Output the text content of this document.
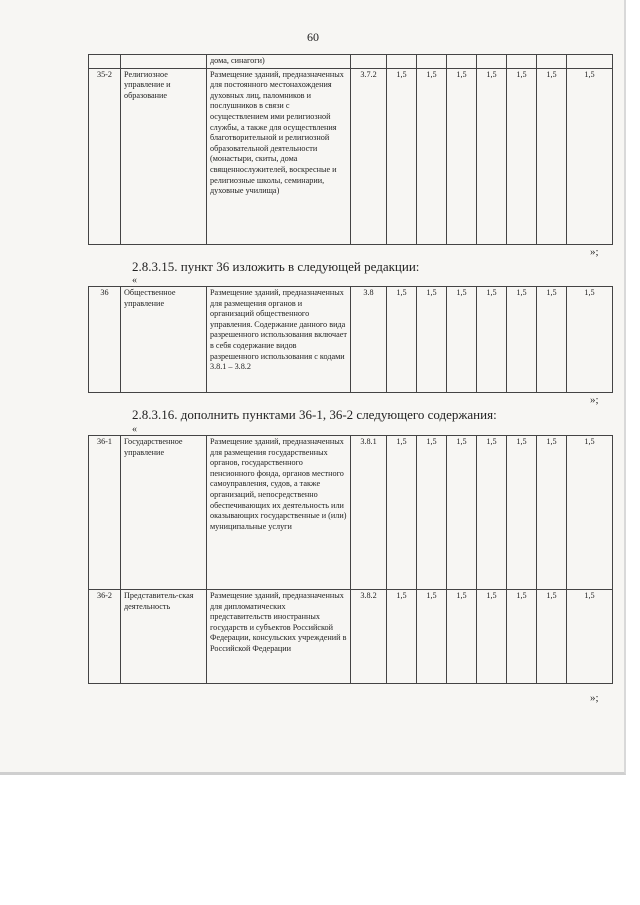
60
		дома, синагоги)								
35-2	Религиозное управление и образование	Размещение зданий, предназначенных для постоянного местонахождения духовных лиц, паломников и послушников в связи с осуществлением ими религиозной службы, а также для осуществления благотворительной и религиозной образовательной деятельности (монастыри, скиты, дома священнослужителей, воскресные и религиозные школы, семинарии, духовные училища)	3.7.2	1,5	1,5	1,5	1,5	1,5	1,5	1,5
»;
2.8.3.15. пункт 36 изложить в следующей редакции:
«
36	Общественное управление	Размещение зданий, предназначенных для размещения органов и организаций общественного управления. Содержание данного вида разрешенного использования включает в себя содержание видов разрешенного использования с кодами 3.8.1 – 3.8.2	3.8	1,5	1,5	1,5	1,5	1,5	1,5	1,5
»;
2.8.3.16. дополнить пунктами 36-1, 36-2 следующего содержания:
«
36-1	Государственное управление	Размещение зданий, предназначенных для размещения государственных органов, государственного пенсионного фонда, органов местного самоуправления, судов, а также организаций, непосредственно обеспечивающих их деятельность или оказывающих государственные и (или) муниципальные услуги	3.8.1	1,5	1,5	1,5	1,5	1,5	1,5	1,5
36-2	Представитель-ская деятельность	Размещение зданий, предназначенных для дипломатических представительств иностранных государств и субъектов Российской Федерации, консульских учреждений в Российской Федерации	3.8.2	1,5	1,5	1,5	1,5	1,5	1,5	1,5
»;
